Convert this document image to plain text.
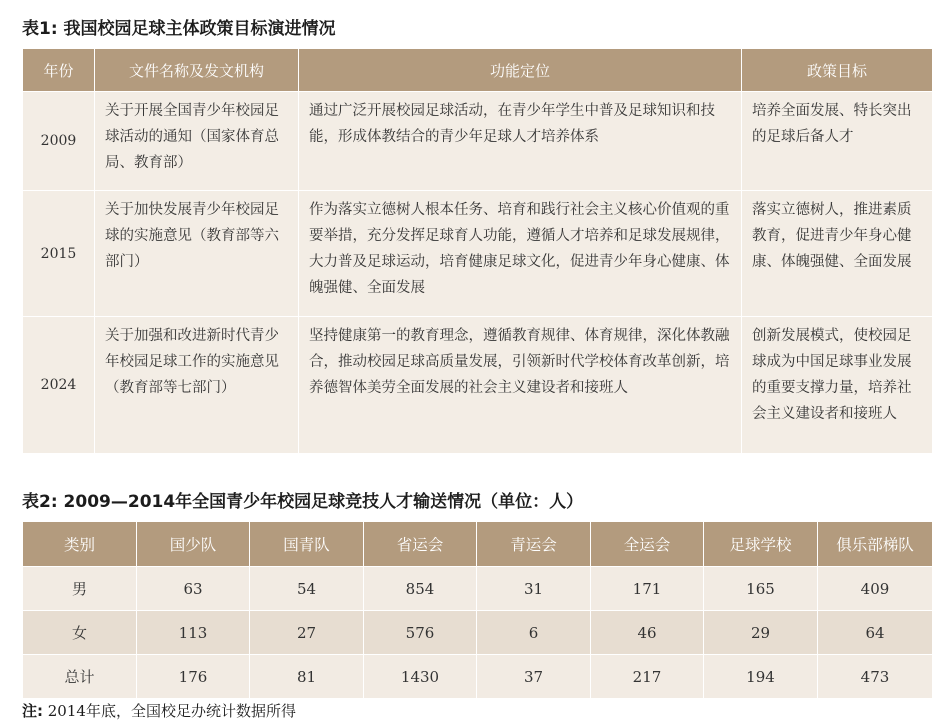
表1: 我国校园足球主体政策目标演进情况
年份	文件名称及发文机构	功能定位	政策目标
2009	关于开展全国青少年校园足球活动的通知（国家体育总局、教育部）	通过广泛开展校园足球活动，在青少年学生中普及足球知识和技能，形成体教结合的青少年足球人才培养体系	培养全面发展、特长突出的足球后备人才
2015	关于加快发展青少年校园足球的实施意见（教育部等六部门）	作为落实立德树人根本任务、培育和践行社会主义核心价值观的重要举措，充分发挥足球育人功能，遵循人才培养和足球发展规律，大力普及足球运动，培育健康足球文化，促进青少年身心健康、体魄强健、全面发展	落实立德树人，推进素质教育，促进青少年身心健康、体魄强健、全面发展
2024	关于加强和改进新时代青少年校园足球工作的实施意见（教育部等七部门）	坚持健康第一的教育理念，遵循教育规律、体育规律，深化体教融合，推动校园足球高质量发展，引领新时代学校体育改革创新，培养德智体美劳全面发展的社会主义建设者和接班人	创新发展模式，使校园足球成为中国足球事业发展的重要支撑力量，培养社会主义建设者和接班人
表2: 2009—2014年全国青少年校园足球竞技人才输送情况（单位：人）
类别	国少队	国青队	省运会	青运会	全运会	足球学校	俱乐部梯队
男	63	54	854	31	171	165	409
女	113	27	576	6	46	29	64
总计	176	81	1430	37	217	194	473
注: 2014年底，全国校足办统计数据所得
